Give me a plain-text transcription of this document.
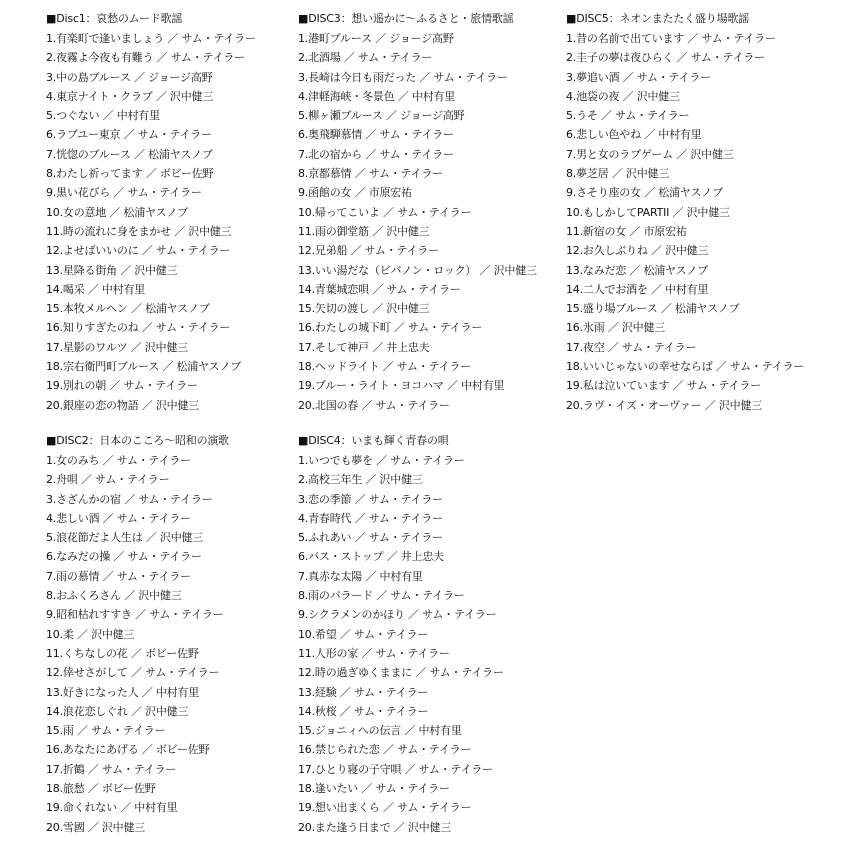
■Disc1：哀愁のムード歌謡
1.有楽町で逢いましょう ／ サム・テイラー
2.夜霧よ今夜も有難う ／ サム・テイラー
3.中の島ブルース ／ ジョージ高野
4.東京ナイト・クラブ ／ 沢中健三
5.つぐない ／ 中村有里
6.ラブユー東京 ／ サム・テイラー
7.恍惚のブルース ／ 松浦ヤスノブ
8.わたし祈ってます ／ ボビー佐野
9.黒い花びら ／ サム・テイラー
10.女の意地 ／ 松浦ヤスノブ
11.時の流れに身をまかせ ／ 沢中健三
12.よせばいいのに ／ サム・テイラー
13.星降る街角 ／ 沢中健三
14.喝采 ／ 中村有里
15.本牧メルヘン ／ 松浦ヤスノブ
16.知りすぎたのね ／ サム・テイラー
17.星影のワルツ ／ 沢中健三
18.宗右衛門町ブルース ／ 松浦ヤスノブ
19.別れの朝 ／ サム・テイラー
20.銀座の恋の物語 ／ 沢中健三
■DISC2：日本のこころ～昭和の演歌
1.女のみち ／ サム・テイラー
2.舟唄 ／ サム・テイラー
3.さざんかの宿 ／ サム・テイラー
4.悲しい酒 ／ サム・テイラー
5.浪花節だよ人生は ／ 沢中健三
6.なみだの操 ／ サム・テイラー
7.雨の慕情 ／ サム・テイラー
8.おふくろさん ／ 沢中健三
9.昭和枯れすすき ／ サム・テイラー
10.柔 ／ 沢中健三
11.くちなしの花 ／ ボビー佐野
12.倖せさがして ／ サム・テイラー
13.好きになった人 ／ 中村有里
14.浪花恋しぐれ ／ 沢中健三
15.雨 ／ サム・テイラー
16.あなたにあげる ／ ボビー佐野
17.折鶴 ／ サム・テイラー
18.旅愁 ／ ボビー佐野
19.命くれない ／ 中村有里
20.雪國 ／ 沢中健三
■DISC3：想い遥かに～ふるさと・旅情歌謡
1.港町ブルース ／ ジョージ高野
2.北酒場 ／ サム・テイラー
3.長崎は今日も雨だった ／ サム・テイラー
4.津軽海峡・冬景色 ／ 中村有里
5.柳ヶ瀬ブルース ／ ジョージ高野
6.奥飛騨慕情 ／ サム・テイラー
7.北の宿から ／ サム・テイラー
8.京都慕情 ／ サム・テイラー
9.函館の女 ／ 市原宏祐
10.帰ってこいよ ／ サム・テイラー
11.雨の御堂筋 ／ 沢中健三
12.兄弟船 ／ サム・テイラー
13.いい湯だな（ビバノン・ロック） ／ 沢中健三
14.青葉城恋唄 ／ サム・テイラー
15.矢切の渡し ／ 沢中健三
16.わたしの城下町 ／ サム・テイラー
17.そして神戸 ／ 井上忠夫
18.ヘッドライト ／ サム・テイラー
19.ブルー・ライト・ヨコハマ ／ 中村有里
20.北国の春 ／ サム・テイラー
■DISC4：いまも輝く青春の唄
1.いつでも夢を ／ サム・テイラー
2.高校三年生 ／ 沢中健三
3.恋の季節 ／ サム・テイラー
4.青春時代 ／ サム・テイラー
5.ふれあい ／ サム・テイラー
6.バス・ストップ ／ 井上忠夫
7.真赤な太陽 ／ 中村有里
8.雨のバラード ／ サム・テイラー
9.シクラメンのかほり ／ サム・テイラー
10.希望 ／ サム・テイラー
11.人形の家 ／ サム・テイラー
12.時の過ぎゆくままに ／ サム・テイラー
13.経験 ／ サム・テイラー
14.秋桜 ／ サム・テイラー
15.ジョニィへの伝言 ／ 中村有里
16.禁じられた恋 ／ サム・テイラー
17.ひとり寝の子守唄 ／ サム・テイラー
18.逢いたい ／ サム・テイラー
19.想い出まくら ／ サム・テイラー
20.また逢う日まで ／ 沢中健三
■DISC5：ネオンまたたく盛り場歌謡
1.昔の名前で出ています ／ サム・テイラー
2.圭子の夢は夜ひらく ／ サム・テイラー
3.夢追い酒 ／ サム・テイラー
4.池袋の夜 ／ 沢中健三
5.うそ ／ サム・テイラー
6.悲しい色やね ／ 中村有里
7.男と女のラブゲーム ／ 沢中健三
8.夢芝居 ／ 沢中健三
9.さそり座の女 ／ 松浦ヤスノブ
10.もしかしてPARTII ／ 沢中健三
11.新宿の女 ／ 市原宏祐
12.お久しぶりね ／ 沢中健三
13.なみだ恋 ／ 松浦ヤスノブ
14.二人でお酒を ／ 中村有里
15.盛り場ブルース ／ 松浦ヤスノブ
16.氷雨 ／ 沢中健三
17.夜空 ／ サム・テイラー
18.いいじゃないの幸せならば ／ サム・テイラー
19.私は泣いています ／ サム・テイラー
20.ラヴ・イズ・オーヴァー ／ 沢中健三
